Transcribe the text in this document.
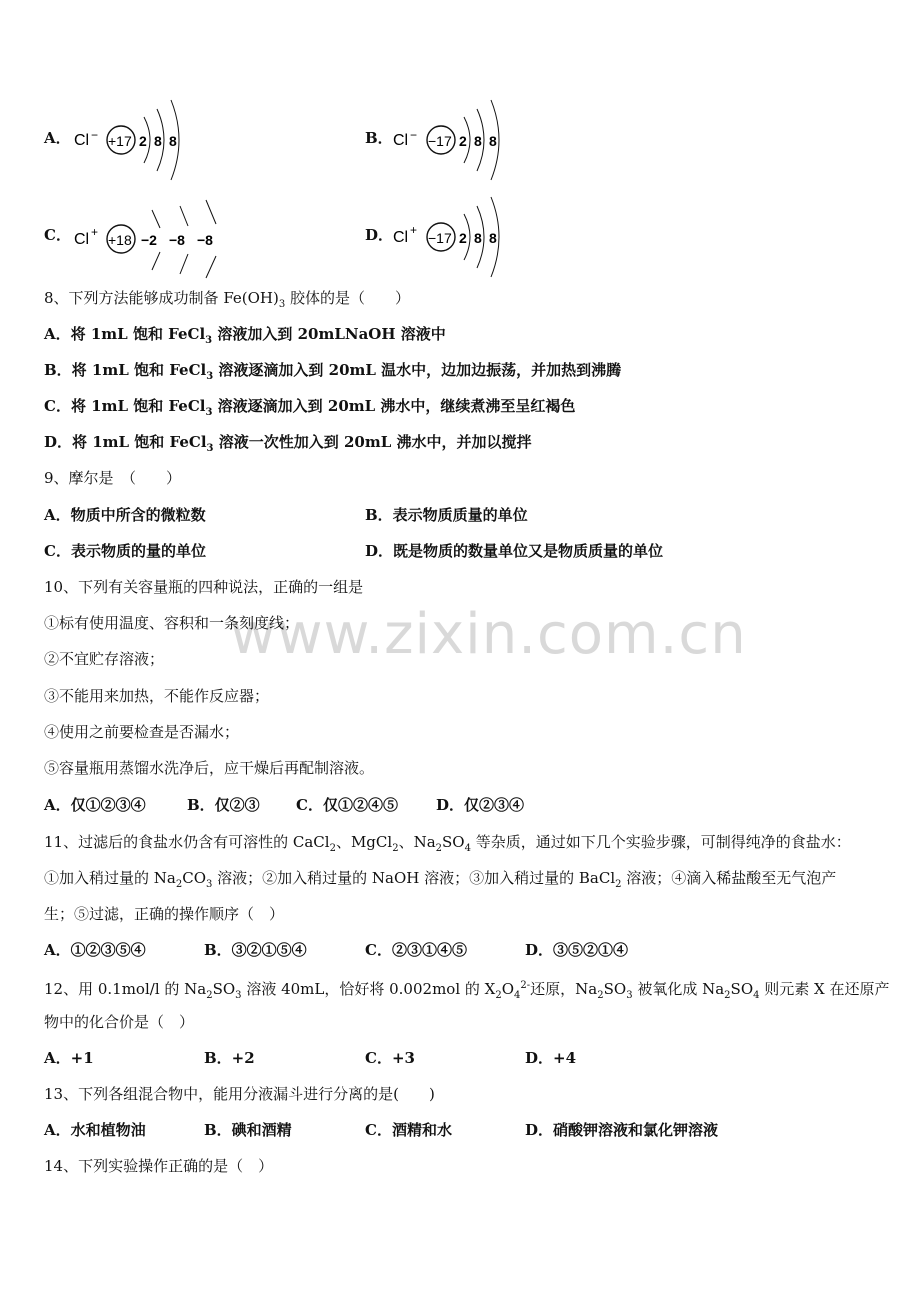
www.zixin.com.cn
A． Cl − +17 2 8 8	B． Cl − −17 2 8 8
C． Cl + +18 −2 −8 −8	D． Cl + −17 2 8 8
8、下列方法能够成功制备 $Fe(OH)_3$ 胶体的是（　　）
A．将 1mL 饱和 FeCl$_3$ 溶液加入到 20mLNaOH 溶液中
B．将 1mL 饱和 FeCl$_3$ 溶液逐滴加入到 20mL 温水中，边加边振荡，并加热到沸腾
C．将 1mL 饱和 FeCl$_3$ 溶液逐滴加入到 20mL 沸水中，继续煮沸至呈红褐色
D．将 1mL 饱和 FeCl$_3$ 溶液一次性加入到 20mL 沸水中，并加以搅拌
9、摩尔是　（　　）
A．物质中所含的微粒数	B．表示物质质量的单位
C．表示物质的量的单位	D．既是物质的数量单位又是物质质量的单位
10、下列有关容量瓶的四种说法，正确的一组是
①标有使用温度、容积和一条刻度线；
②不宜贮存溶液；
③不能用来加热，不能作反应器；
④使用之前要检查是否漏水；
⑤容量瓶用蒸馏水洗净后，应干燥后再配制溶液。
A．仅①②③④	B．仅②③ C．仅①②④⑤	D．仅②③④
11、过滤后的食盐水仍含有可溶性的 CaCl$_2$、MgCl$_2$、$Na_2SO_4$ 等杂质，通过如下几个实验步骤，可制得纯净的食盐水：
①加入稍过量的 $Na_2CO_3$ 溶液；②加入稍过量的 NaOH 溶液；③加入稍过量的 BaCl$_2$ 溶液；④滴入稀盐酸至无气泡产
生；⑤过滤，正确的操作顺序（　）
A．①②③⑤④	B．③②①⑤④	C．②③①④⑤	D．③⑤②①④
12、用 0.1mol/l 的 $Na_2SO_3$ 溶液 40mL，恰好将 0.002mol 的 $X_2O_4^{2-}$还原，$Na_2SO_3$ 被氧化成 $Na_2SO_4$ 则元素 X 在还原产
物中的化合价是（　）
A．+1	B．+2	C．+3	D．+4
13、下列各组混合物中，能用分液漏斗进行分离的是(　　)
A．水和植物油	B．碘和酒精	C．酒精和水	D．硝酸钾溶液和氯化钾溶液
14、下列实验操作正确的是（　）
